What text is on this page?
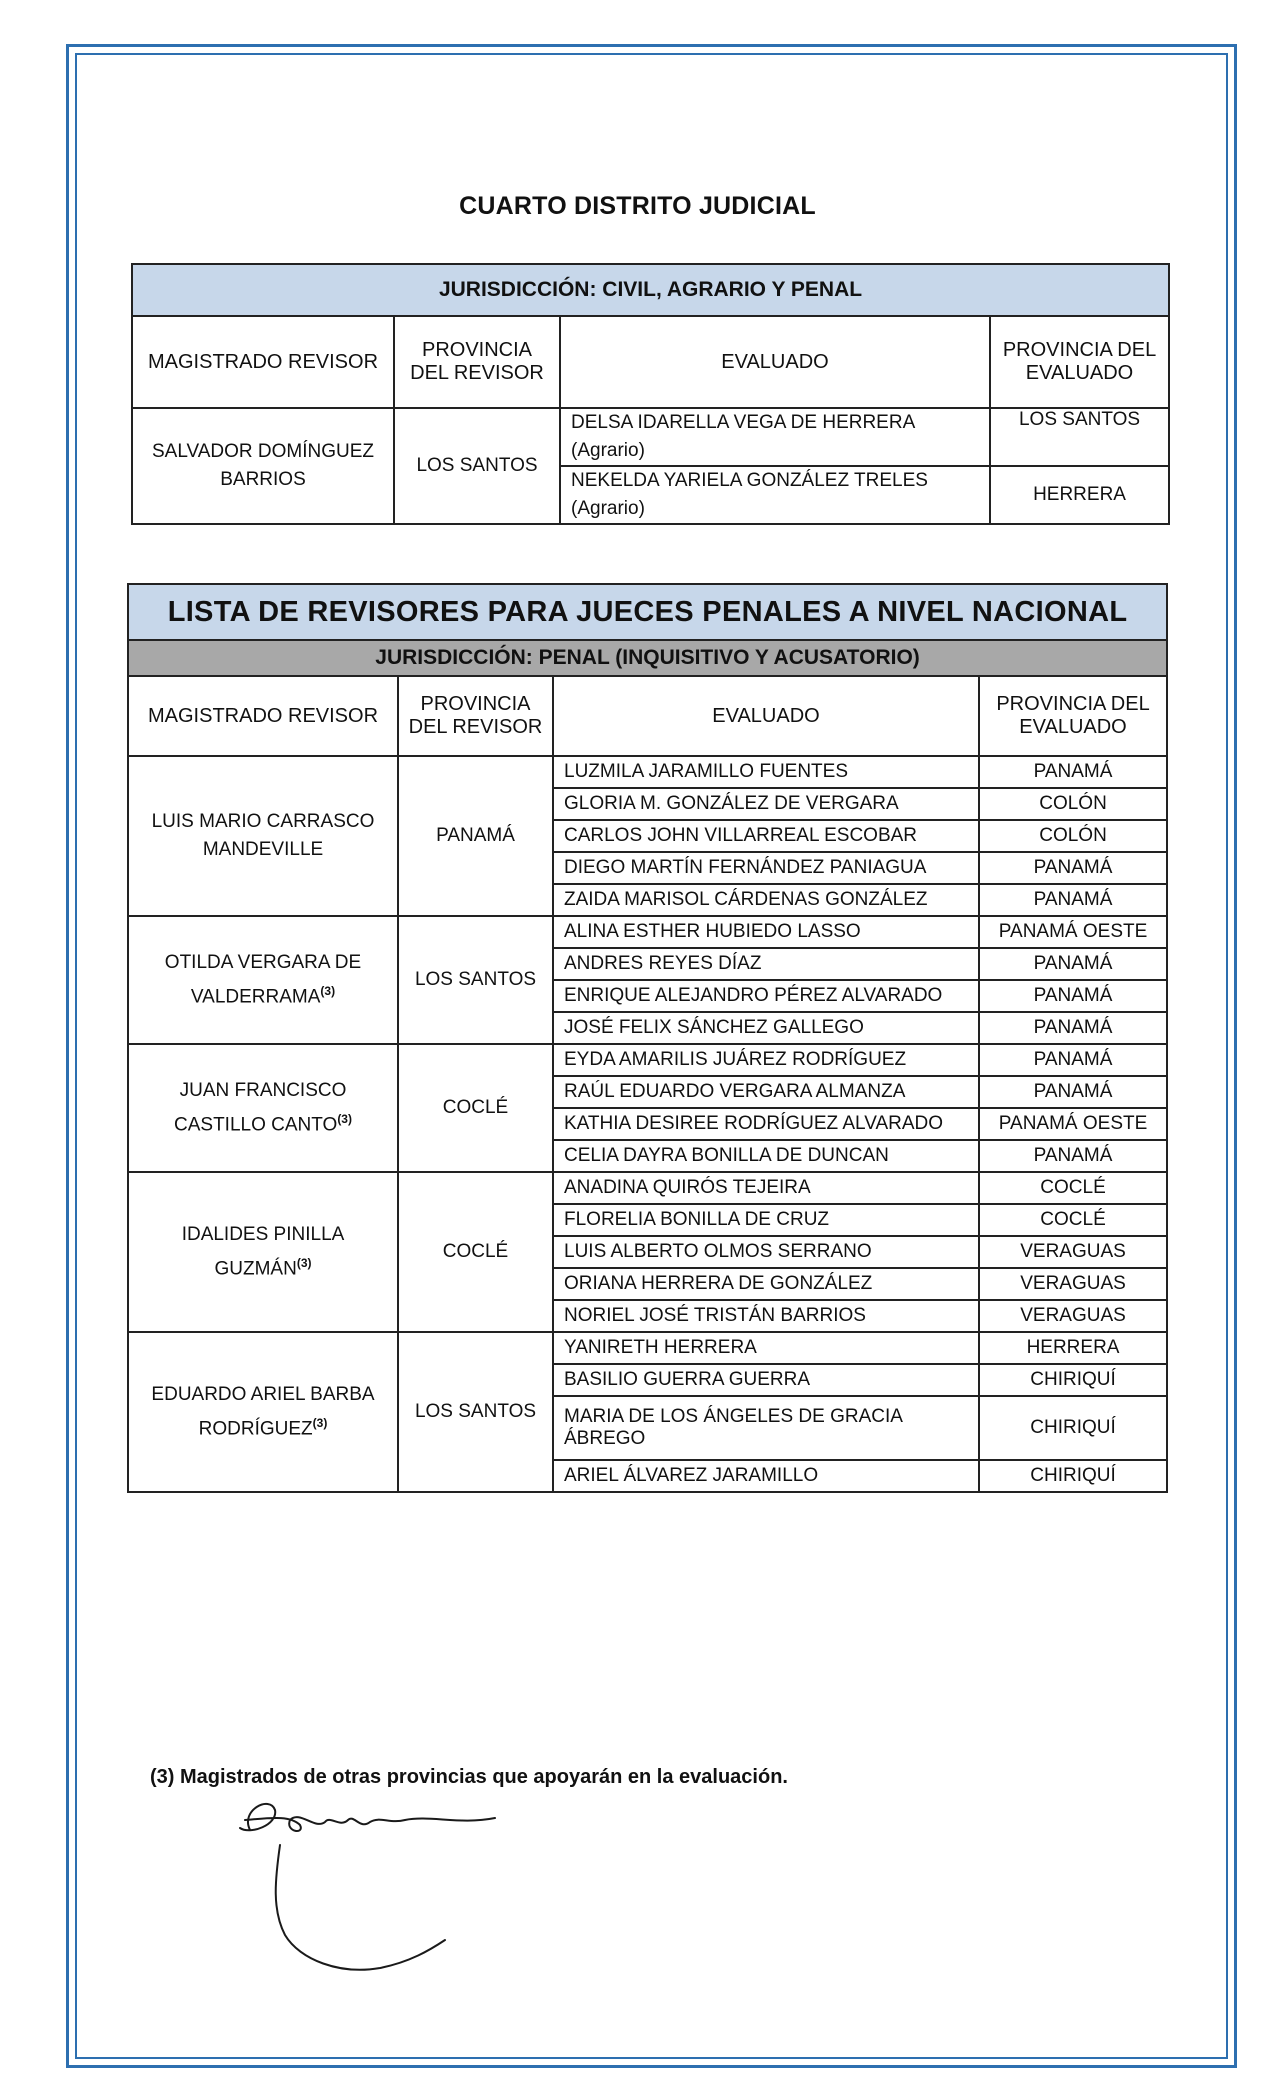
CUARTO DISTRITO JUDICIAL
JURISDICCIÓN: CIVIL, AGRARIO Y PENAL			
MAGISTRADO REVISOR	PROVINCIA DEL REVISOR	EVALUADO	PROVINCIA DEL EVALUADO
SALVADOR DOMÍNGUEZ BARRIOS	LOS SANTOS	DELSA IDARELLA VEGA DE HERRERA (Agrario)	LOS SANTOS
		NEKELDA YARIELA GONZÁLEZ TRELES (Agrario)	HERRERA
LISTA DE REVISORES PARA JUECES PENALES A NIVEL NACIONAL			
JURISDICCIÓN: PENAL (INQUISITIVO Y ACUSATORIO)			
MAGISTRADO REVISOR	PROVINCIA DEL REVISOR	EVALUADO	PROVINCIA DEL EVALUADO
LUIS MARIO CARRASCO MANDEVILLE	PANAMÁ	LUZMILA JARAMILLO FUENTES	PANAMÁ
		GLORIA M. GONZÁLEZ DE VERGARA	COLÓN
		CARLOS JOHN VILLARREAL ESCOBAR	COLÓN
		DIEGO MARTÍN FERNÁNDEZ PANIAGUA	PANAMÁ
		ZAIDA MARISOL CÁRDENAS GONZÁLEZ	PANAMÁ
OTILDA VERGARA DE VALDERRAMA$^{(3)}$	LOS SANTOS	ALINA ESTHER HUBIEDO LASSO	PANAMÁ OESTE
		ANDRES REYES DÍAZ	PANAMÁ
		ENRIQUE ALEJANDRO PÉREZ ALVARADO	PANAMÁ
		JOSÉ FELIX SÁNCHEZ GALLEGO	PANAMÁ
JUAN FRANCISCO CASTILLO CANTO$^{(3)}$	COCLÉ	EYDA AMARILIS JUÁREZ RODRÍGUEZ	PANAMÁ
		RAÚL EDUARDO VERGARA ALMANZA	PANAMÁ
		KATHIA DESIREE RODRÍGUEZ ALVARADO	PANAMÁ OESTE
		CELIA DAYRA BONILLA DE DUNCAN	PANAMÁ
IDALIDES PINILLA GUZMÁN$^{(3)}$	COCLÉ	ANADINA QUIRÓS TEJEIRA	COCLÉ
		FLORELIA BONILLA DE CRUZ	COCLÉ
		LUIS ALBERTO OLMOS SERRANO	VERAGUAS
		ORIANA HERRERA DE GONZÁLEZ	VERAGUAS
		NORIEL JOSÉ TRISTÁN BARRIOS	VERAGUAS
EDUARDO ARIEL BARBA RODRÍGUEZ$^{(3)}$	LOS SANTOS	YANIRETH HERRERA	HERRERA
		BASILIO GUERRA GUERRA	CHIRIQUÍ
		MARIA DE LOS ÁNGELES DE GRACIA ÁBREGO	CHIRIQUÍ
		ARIEL ÁLVAREZ JARAMILLO	CHIRIQUÍ
(3) Magistrados de otras provincias que apoyarán en la evaluación.
